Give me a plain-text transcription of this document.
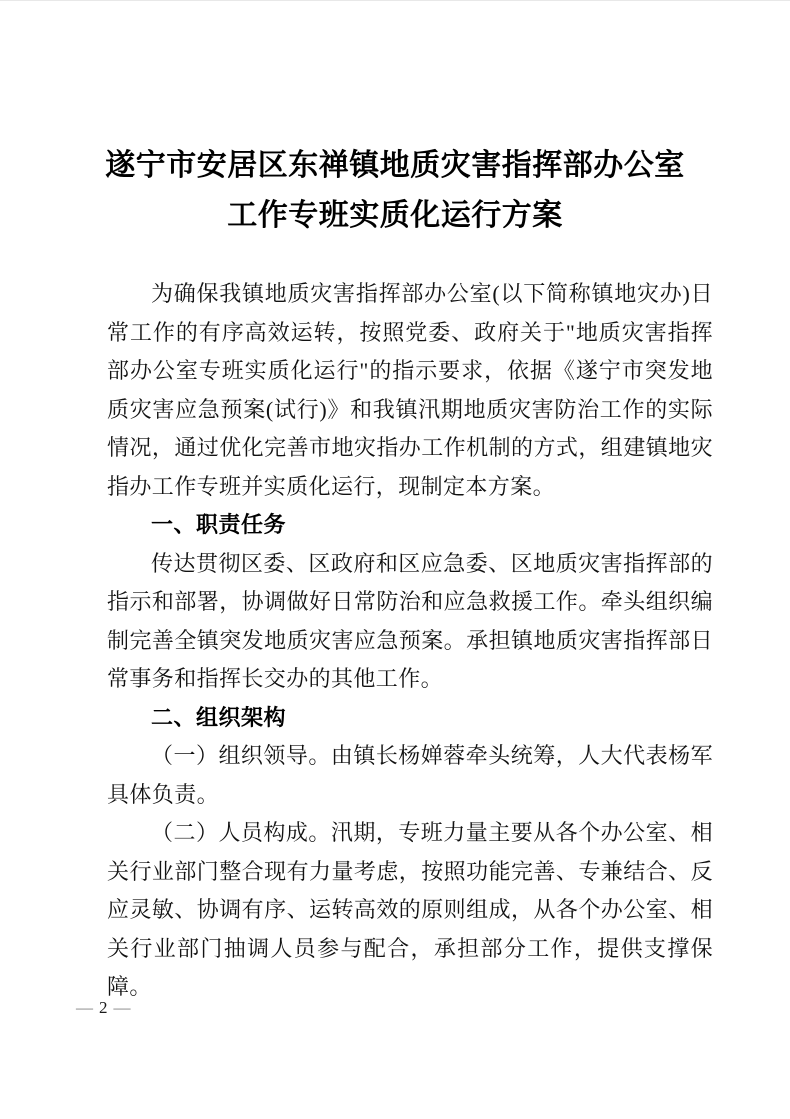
遂宁市安居区东禅镇地质灾害指挥部办公室
工作专班实质化运行方案

为确保我镇地质灾害指挥部办公室(以下简称镇地灾办)日常工作的有序高效运转，按照党委、政府关于"地质灾害指挥部办公室专班实质化运行"的指示要求，依据《遂宁市突发地质灾害应急预案(试行)》和我镇汛期地质灾害防治工作的实际情况，通过优化完善市地灾指办工作机制的方式，组建镇地灾指办工作专班并实质化运行，现制定本方案。

一、职责任务

传达贯彻区委、区政府和区应急委、区地质灾害指挥部的指示和部署，协调做好日常防治和应急救援工作。牵头组织编制完善全镇突发地质灾害应急预案。承担镇地质灾害指挥部日常事务和指挥长交办的其他工作。

二、组织架构

（一）组织领导。由镇长杨婵蓉牵头统筹，人大代表杨军具体负责。

（二）人员构成。汛期，专班力量主要从各个办公室、相关行业部门整合现有力量考虑，按照功能完善、专兼结合、反应灵敏、协调有序、运转高效的原则组成，从各个办公室、相关行业部门抽调人员参与配合，承担部分工作，提供支撑保障。

— 2 —
